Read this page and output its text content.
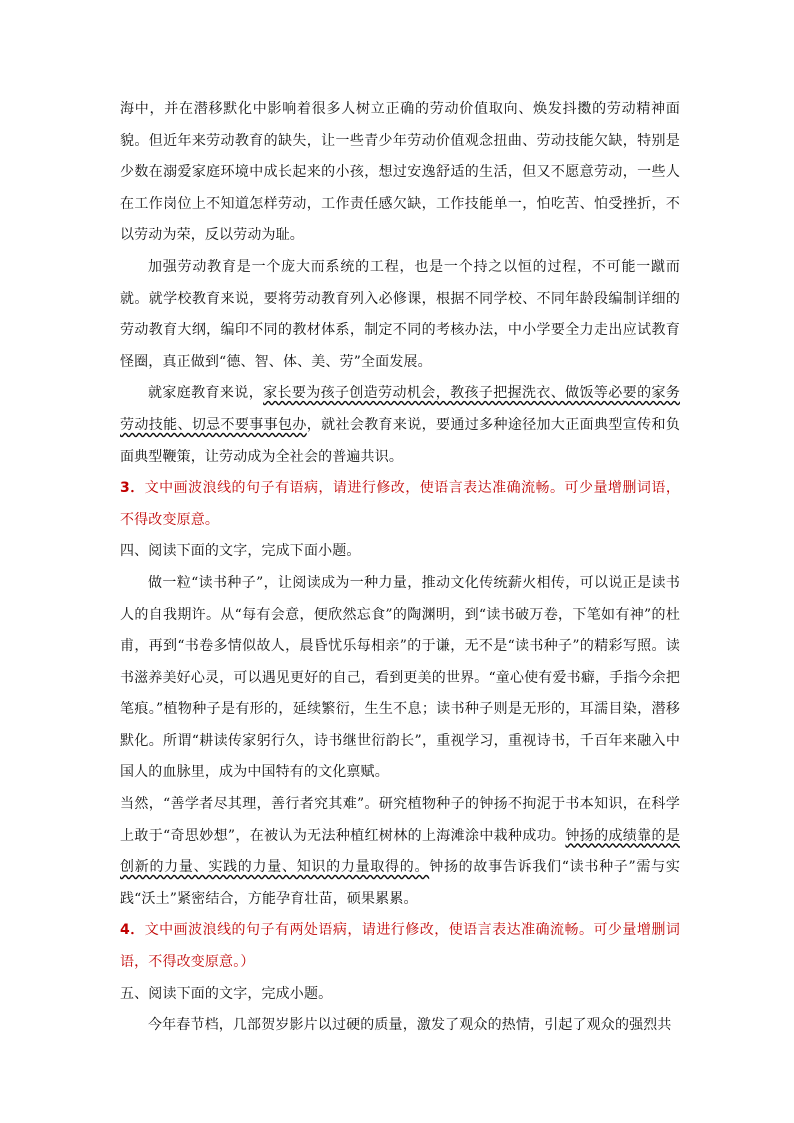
海中，并在潜移默化中影响着很多人树立正确的劳动价值取向、焕发抖擞的劳动精神面貌。但近年来劳动教育的缺失，让一些青少年劳动价值观念扭曲、劳动技能欠缺，特别是少数在溺爱家庭环境中成长起来的小孩，想过安逸舒适的生活，但又不愿意劳动，一些人在工作岗位上不知道怎样劳动，工作责任感欠缺，工作技能单一，怕吃苦、怕受挫折，不以劳动为荣，反以劳动为耻。

加强劳动教育是一个庞大而系统的工程，也是一个持之以恒的过程，不可能一蹴而就。就学校教育来说，要将劳动教育列入必修课，根据不同学校、不同年龄段编制详细的劳动教育大纲，编印不同的教材体系，制定不同的考核办法，中小学要全力走出应试教育怪圈，真正做到“德、智、体、美、劳”全面发展。

就家庭教育来说，家长要为孩子创造劳动机会，教孩子把握洗衣、做饭等必要的家务劳动技能、切忌不要事事包办，就社会教育来说，要通过多种途径加大正面典型宣传和负面典型鞭策，让劳动成为全社会的普遍共识。

3．文中画波浪线的句子有语病，请进行修改，使语言表达准确流畅。可少量增删词语，不得改变原意。

四、阅读下面的文字，完成下面小题。

做一粒“读书种子”，让阅读成为一种力量，推动文化传统薪火相传，可以说正是读书人的自我期许。从“每有会意，便欣然忘食”的陶渊明，到“读书破万卷，下笔如有神”的杜甫，再到“书卷多情似故人，晨昏忧乐每相亲”的于谦，无不是“读书种子”的精彩写照。读书滋养美好心灵，可以遇见更好的自己，看到更美的世界。“童心使有爱书癖，手指今余把笔痕。”植物种子是有形的，延续繁衍，生生不息；读书种子则是无形的，耳濡目染，潜移默化。所谓“耕读传家躬行久，诗书继世衍韵长”，重视学习，重视诗书，千百年来融入中国人的血脉里，成为中国特有的文化禀赋。

当然，“善学者尽其理，善行者究其难”。研究植物种子的钟扬不拘泥于书本知识，在科学上敢于“奇思妙想”，在被认为无法种植红树林的上海滩涂中栽种成功。钟扬的成绩靠的是创新的力量、实践的力量、知识的力量取得的。钟扬的故事告诉我们“读书种子”需与实践“沃土”紧密结合，方能孕育壮苗，硕果累累。

4．文中画波浪线的句子有两处语病，请进行修改，使语言表达准确流畅。可少量增删词语，不得改变原意。）

五、阅读下面的文字，完成小题。

今年春节档，几部贺岁影片以过硬的质量，激发了观众的热情，引起了观众的强烈共
